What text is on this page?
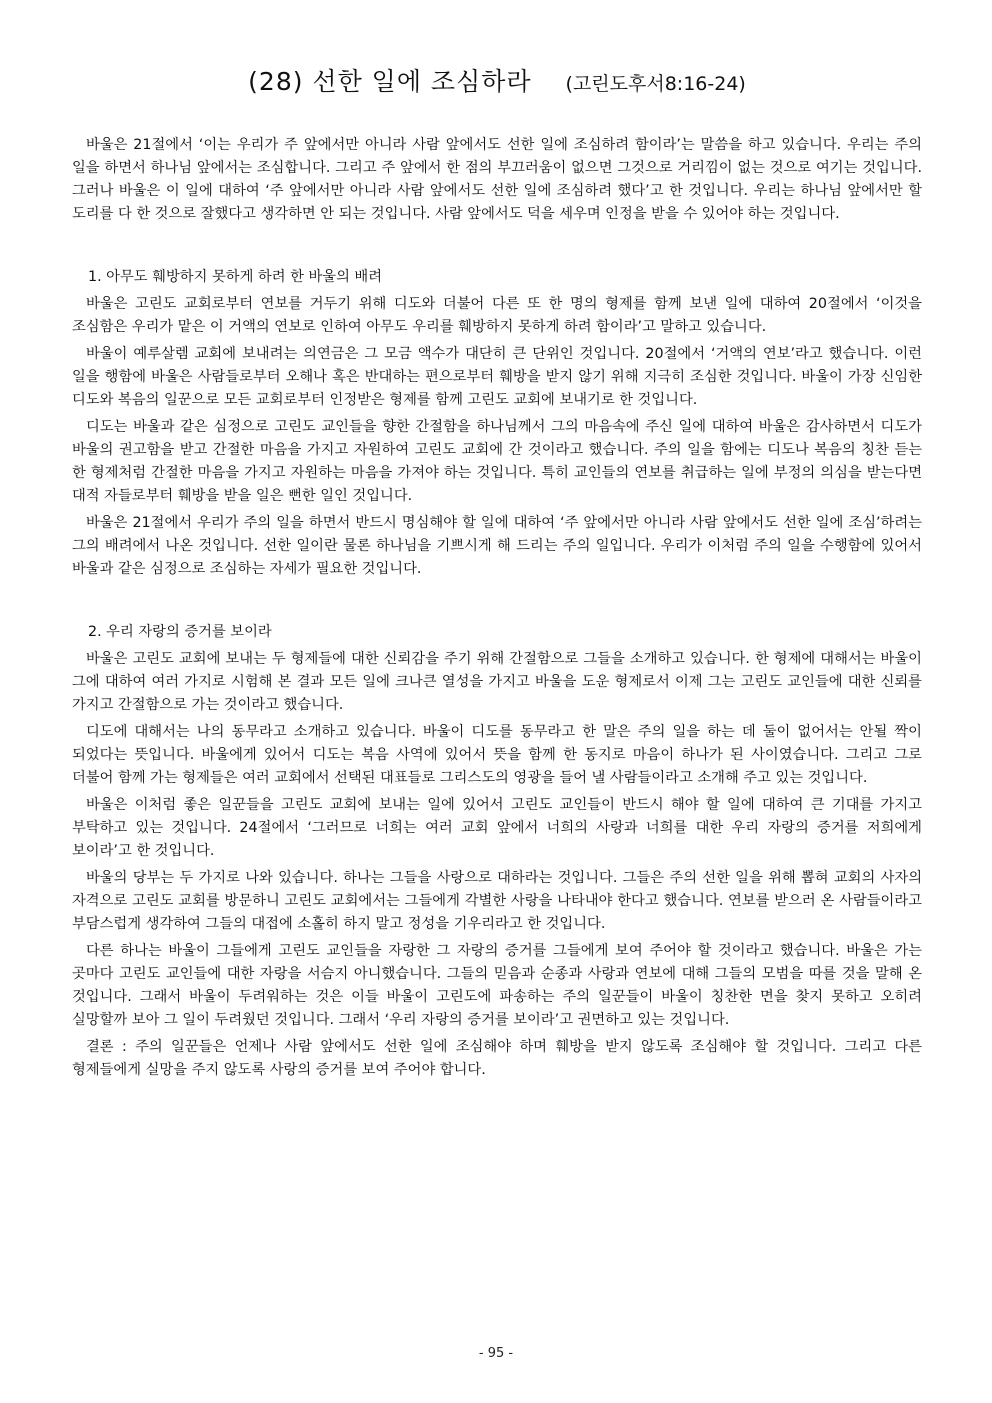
(28) 선한 일에 조심하라 (고린도후서8:16-24)

바울은 21절에서 ‘이는 우리가 주 앞에서만 아니라 사람 앞에서도 선한 일에 조심하려 함이라’는 말씀을 하고 있습니다. 우리는 주의 일을 하면서 하나님 앞에서는 조심합니다. 그리고 주 앞에서 한 점의 부끄러움이 없으면 그것으로 거리낌이 없는 것으로 여기는 것입니다. 그러나 바울은 이 일에 대하여 ‘주 앞에서만 아니라 사람 앞에서도 선한 일에 조심하려 했다’고 한 것입니다. 우리는 하나님 앞에서만 할 도리를 다 한 것으로 잘했다고 생각하면 안 되는 것입니다. 사람 앞에서도 덕을 세우며 인정을 받을 수 있어야 하는 것입니다.

1. 아무도 훼방하지 못하게 하려 한 바울의 배려

바울은 고린도 교회로부터 연보를 거두기 위해 디도와 더불어 다른 또 한 명의 형제를 함께 보낸 일에 대하여 20절에서 ‘이것을 조심함은 우리가 맡은 이 거액의 연보로 인하여 아무도 우리를 훼방하지 못하게 하려 함이라’고 말하고 있습니다.

바울이 예루살렘 교회에 보내려는 의연금은 그 모금 액수가 대단히 큰 단위인 것입니다. 20절에서 ‘거액의 연보’라고 했습니다. 이런 일을 행함에 바울은 사람들로부터 오해나 혹은 반대하는 편으로부터 훼방을 받지 않기 위해 지극히 조심한 것입니다. 바울이 가장 신임한 디도와 복음의 일꾼으로 모든 교회로부터 인정받은 형제를 함께 고린도 교회에 보내기로 한 것입니다.

디도는 바울과 같은 심정으로 고린도 교인들을 향한 간절함을 하나님께서 그의 마음속에 주신 일에 대하여 바울은 감사하면서 디도가 바울의 권고함을 받고 간절한 마음을 가지고 자원하여 고린도 교회에 간 것이라고 했습니다. 주의 일을 함에는 디도나 복음의 칭찬 듣는 한 형제처럼 간절한 마음을 가지고 자원하는 마음을 가져야 하는 것입니다. 특히 교인들의 연보를 취급하는 일에 부정의 의심을 받는다면 대적 자들로부터 훼방을 받을 일은 뻔한 일인 것입니다.

바울은 21절에서 우리가 주의 일을 하면서 반드시 명심해야 할 일에 대하여 ‘주 앞에서만 아니라 사람 앞에서도 선한 일에 조심’하려는 그의 배려에서 나온 것입니다. 선한 일이란 물론 하나님을 기쁘시게 해 드리는 주의 일입니다. 우리가 이처럼 주의 일을 수행함에 있어서 바울과 같은 심정으로 조심하는 자세가 필요한 것입니다.

2. 우리 자랑의 증거를 보이라

바울은 고린도 교회에 보내는 두 형제들에 대한 신뢰감을 주기 위해 간절함으로 그들을 소개하고 있습니다. 한 형제에 대해서는 바울이 그에 대하여 여러 가지로 시험해 본 결과 모든 일에 크나큰 열성을 가지고 바울을 도운 형제로서 이제 그는 고린도 교인들에 대한 신뢰를 가지고 간절함으로 가는 것이라고 했습니다.

디도에 대해서는 나의 동무라고 소개하고 있습니다. 바울이 디도를 동무라고 한 말은 주의 일을 하는 데 둘이 없어서는 안될 짝이 되었다는 뜻입니다. 바울에게 있어서 디도는 복음 사역에 있어서 뜻을 함께 한 동지로 마음이 하나가 된 사이였습니다. 그리고 그로 더불어 함께 가는 형제들은 여러 교회에서 선택된 대표들로 그리스도의 영광을 들어 낼 사람들이라고 소개해 주고 있는 것입니다.

바울은 이처럼 좋은 일꾼들을 고린도 교회에 보내는 일에 있어서 고린도 교인들이 반드시 해야 할 일에 대하여 큰 기대를 가지고 부탁하고 있는 것입니다. 24절에서 ‘그러므로 너희는 여러 교회 앞에서 너희의 사랑과 너희를 대한 우리 자랑의 증거를 저희에게 보이라’고 한 것입니다.

바울의 당부는 두 가지로 나와 있습니다. 하나는 그들을 사랑으로 대하라는 것입니다. 그들은 주의 선한 일을 위해 뽑혀 교회의 사자의 자격으로 고린도 교회를 방문하니 고린도 교회에서는 그들에게 각별한 사랑을 나타내야 한다고 했습니다. 연보를 받으러 온 사람들이라고 부담스럽게 생각하여 그들의 대접에 소홀히 하지 말고 정성을 기우리라고 한 것입니다.

다른 하나는 바울이 그들에게 고린도 교인들을 자랑한 그 자랑의 증거를 그들에게 보여 주어야 할 것이라고 했습니다. 바울은 가는 곳마다 고린도 교인들에 대한 자랑을 서슴지 아니했습니다. 그들의 믿음과 순종과 사랑과 연보에 대해 그들의 모범을 따를 것을 말해 온 것입니다. 그래서 바울이 두려워하는 것은 이들 바울이 고린도에 파송하는 주의 일꾼들이 바울이 칭찬한 면을 찾지 못하고 오히려 실망할까 보아 그 일이 두려웠던 것입니다. 그래서 ‘우리 자랑의 증거를 보이라’고 권면하고 있는 것입니다.

결론 : 주의 일꾼들은 언제나 사람 앞에서도 선한 일에 조심해야 하며 훼방을 받지 않도록 조심해야 할 것입니다. 그리고 다른 형제들에게 실망을 주지 않도록 사랑의 증거를 보여 주어야 합니다.

- 95 -
